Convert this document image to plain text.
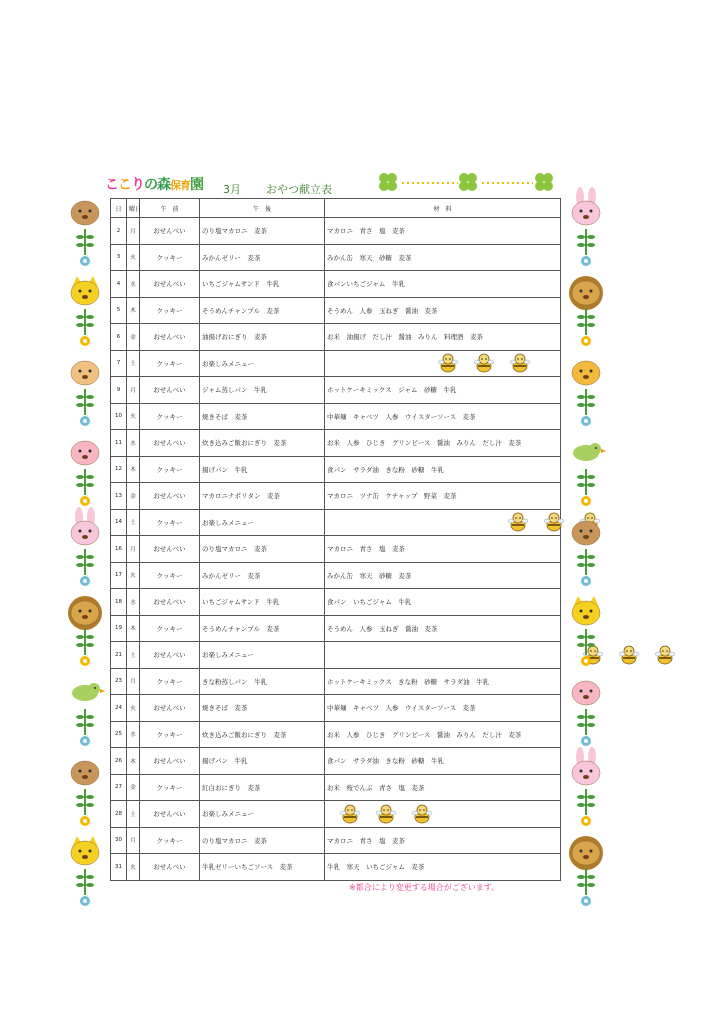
ここりの森保育園 3月 おやつ献立表
日	曜日	午　前	午　後	材　料
2	月	おせんべい	のり塩マカロニ　麦茶	マカロニ　青さ　塩　麦茶
3	火	クッキー	みかんゼリー　麦茶	みかん缶　寒天　砂糖　麦茶
4	水	おせんべい	いちごジャムサンド　牛乳	食パンいちごジャム　牛乳
5	木	クッキー	そうめんチャンプル　麦茶	そうめん　人参　玉ねぎ　醤油　麦茶
6	金	おせんべい	油揚げおにぎり　麦茶	お米　油揚げ　だし汁　醤油　みりん　料理酒　麦茶
7	土	クッキー	お楽しみメニュー	
9	月	おせんべい	ジャム蒸しパン　牛乳	ホットケーキミックス　ジャム　砂糖　牛乳
10	火	クッキー	焼きそば　麦茶	中華麺　キャベツ　人参　ウイスターソース　麦茶
11	水	おせんべい	炊き込みご飯おにぎり　麦茶	お米　人参　ひじき　グリンピース　醤油　みりん　だし汁　麦茶
12	木	クッキー	揚げパン　牛乳	食パン　サラダ油　きな粉　砂糖　牛乳
13	金	おせんべい	マカロニナポリタン　麦茶	マカロニ　ツナ缶　ケチャップ　野菜　麦茶
14	土	クッキー	お楽しみメニュー	
16	月	おせんべい	のり塩マカロニ　麦茶	マカロニ　青さ　塩　麦茶
17	火	クッキー	みかんゼリー　麦茶	みかん缶　寒天　砂糖　麦茶
18	水	おせんべい	いちごジャムサンド　牛乳	食パン　いちごジャム　牛乳
19	木	クッキー	そうめんチャンプル　麦茶	そうめん　人参　玉ねぎ　醤油　麦茶
21	土	おせんべい	お楽しみメニュー	
23	月	クッキー	きな粉蒸しパン　牛乳	ホットケーキミックス　きな粉　砂糖　サラダ油　牛乳
24	火	おせんべい	焼きそば　麦茶	中華麺　キャベツ　人参　ウイスターソース　麦茶
25	水	クッキー	炊き込みご飯おにぎり　麦茶	お米　人参　ひじき　グリンピース　醤油　みりん　だし汁　麦茶
26	木	おせんべい	揚げパン　牛乳	食パン　サラダ油　きな粉　砂糖　牛乳
27	金	クッキー	紅白おにぎり　麦茶	お米　桜でんぶ　青さ　塩　麦茶
28	土	おせんべい	お楽しみメニュー	
30	月	クッキー	のり塩マカロニ　麦茶	マカロニ　青さ　塩　麦茶
31	火	おせんべい	牛乳ゼリーいちごソース　麦茶	牛乳　寒天　いちごジャム　麦茶
※都合により変更する場合がございます。
